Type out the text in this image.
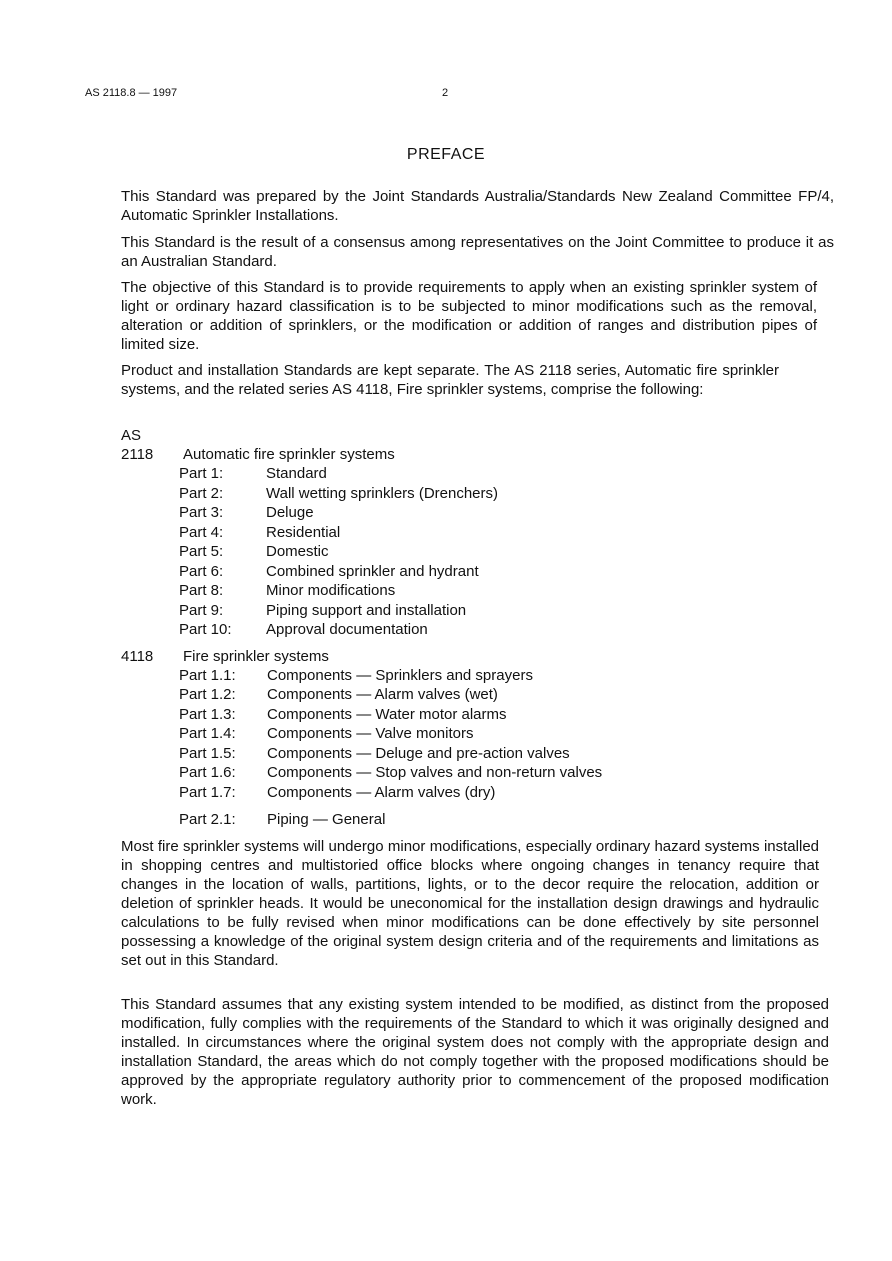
AS 2118.8 — 1997	2
PREFACE

This Standard was prepared by the Joint Standards Australia/Standards New Zealand Committee FP/4, Automatic Sprinkler Installations.

This Standard is the result of a consensus among representatives on the Joint Committee to produce it as an Australian Standard.

The objective of this Standard is to provide requirements to apply when an existing sprinkler system of light or ordinary hazard classification is to be subjected to minor modifications such as the removal, alteration or addition of sprinklers, or the modification or addition of ranges and distribution pipes of limited size.

Product and installation Standards are kept separate. The AS 2118 series, Automatic fire sprinkler systems, and the related series AS 4118, Fire sprinkler systems, comprise the following:

AS
2118 Automatic fire sprinkler systems
Part 1:	Standard
Part 2:	Wall wetting sprinklers (Drenchers)
Part 3:	Deluge
Part 4:	Residential
Part 5:	Domestic
Part 6:	Combined sprinkler and hydrant
Part 8:	Minor modifications
Part 9:	Piping support and installation
Part 10: Approval documentation
4118 Fire sprinkler systems
Part 1.1: Components — Sprinklers and sprayers
Part 1.2: Components — Alarm valves (wet)
Part 1.3: Components — Water motor alarms
Part 1.4: Components — Valve monitors
Part 1.5: Components — Deluge and pre-action valves
Part 1.6: Components — Stop valves and non-return valves
Part 1.7: Components — Alarm valves (dry)
Part 2.1: Piping — General

Most fire sprinkler systems will undergo minor modifications, especially ordinary hazard systems installed in shopping centres and multistoried office blocks where ongoing changes in tenancy require that changes in the location of walls, partitions, lights, or to the decor require the relocation, addition or deletion of sprinkler heads. It would be uneconomical for the installation design drawings and hydraulic calculations to be fully revised when minor modifications can be done effectively by site personnel possessing a knowledge of the original system design criteria and of the requirements and limitations as set out in this Standard.

This Standard assumes that any existing system intended to be modified, as distinct from the proposed modification, fully complies with the requirements of the Standard to which it was originally designed and installed. In circumstances where the original system does not comply with the appropriate design and installation Standard, the areas which do not comply together with the proposed modifications should be approved by the appropriate regulatory authority prior to commencement of the proposed modification work.
